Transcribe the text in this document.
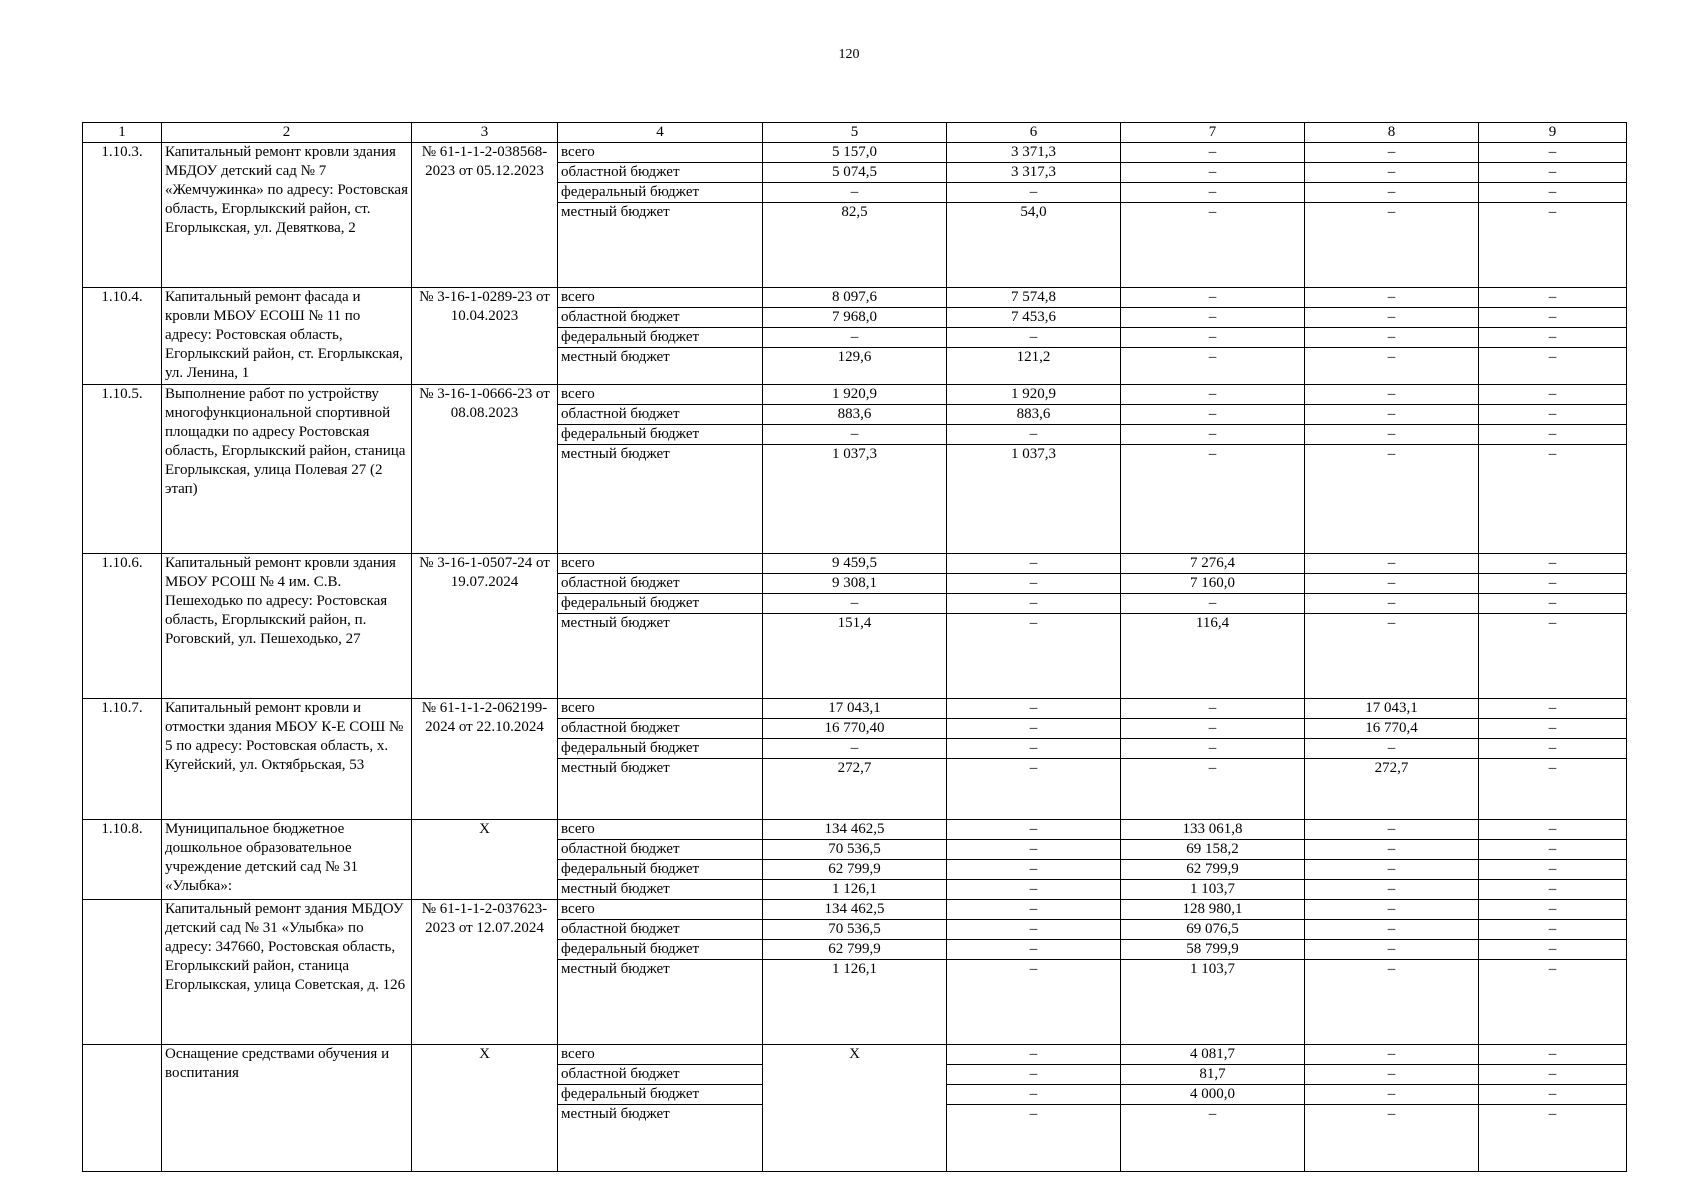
120
1	2	3	4	5	6	7	8	9
1.10.3.	Капитальный ремонт кровли здания МБДОУ детский сад № 7 «Жемчужинка» по адресу: Ростовская область, Егорлыкский район, ст. Егорлыкская, ул. Девяткова, 2	№ 61-1-1-2-038568-2023 от 05.12.2023	всего	5 157,0	3 371,3	–	–	–
			областной бюджет	5 074,5	3 317,3	–	–	–
			федеральный бюджет	–	–	–	–	–
			местный бюджет	82,5	54,0	–	–	–
1.10.4.	Капитальный ремонт фасада и кровли МБОУ ЕСОШ № 11 по адресу: Ростовская область, Егорлыкский район, ст. Егорлыкская, ул. Ленина, 1	№ 3-16-1-0289-23 от 10.04.2023	всего	8 097,6	7 574,8	–	–	–
			областной бюджет	7 968,0	7 453,6	–	–	–
			федеральный бюджет	–	–	–	–	–
			местный бюджет	129,6	121,2	–	–	–
1.10.5.	Выполнение работ по устройству многофункциональной спортивной площадки по адресу Ростовская область, Егорлыкский район, станица Егорлыкская, улица Полевая 27 (2 этап)	№ 3-16-1-0666-23 от 08.08.2023	всего	1 920,9	1 920,9	–	–	–
			областной бюджет	883,6	883,6	–	–	–
			федеральный бюджет	–	–	–	–	–
			местный бюджет	1 037,3	1 037,3	–	–	–
1.10.6.	Капитальный ремонт кровли здания МБОУ РСОШ № 4 им. С.В. Пешеходько по адресу: Ростовская область, Егорлыкский район, п. Роговский, ул. Пешеходько, 27	№ 3-16-1-0507-24 от 19.07.2024	всего	9 459,5	–	7 276,4	–	–
			областной бюджет	9 308,1	–	7 160,0	–	–
			федеральный бюджет	–	–	–	–	–
			местный бюджет	151,4	–	116,4	–	–
1.10.7.	Капитальный ремонт кровли и отмостки здания МБОУ К-Е СОШ № 5 по адресу: Ростовская область, х. Кугейский, ул. Октябрьская, 53	№ 61-1-1-2-062199-2024 от 22.10.2024	всего	17 043,1	–	–	17 043,1	–
			областной бюджет	16 770,40	–	–	16 770,4	–
			федеральный бюджет	–	–	–	–	–
			местный бюджет	272,7	–	–	272,7	–
1.10.8.	Муниципальное бюджетное дошкольное образовательное учреждение детский сад № 31 «Улыбка»:	X	всего	134 462,5	–	133 061,8	–	–
			областной бюджет	70 536,5	–	69 158,2	–	–
			федеральный бюджет	62 799,9	–	62 799,9	–	–
			местный бюджет	1 126,1	–	1 103,7	–	–
	Капитальный ремонт здания МБДОУ детский сад № 31 «Улыбка» по адресу: 347660, Ростовская область, Егорлыкский район, станица Егорлыкская, улица Советская, д. 126	№ 61-1-1-2-037623-2023 от 12.07.2024	всего	134 462,5	–	128 980,1	–	–
			областной бюджет	70 536,5	–	69 076,5	–	–
			федеральный бюджет	62 799,9	–	58 799,9	–	–
			местный бюджет	1 126,1	–	1 103,7	–	–
	Оснащение средствами обучения и воспитания	X	всего	X	–	4 081,7	–	–
			областной бюджет		–	81,7	–	–
			федеральный бюджет		–	4 000,0	–	–
			местный бюджет		–	–	–	–
